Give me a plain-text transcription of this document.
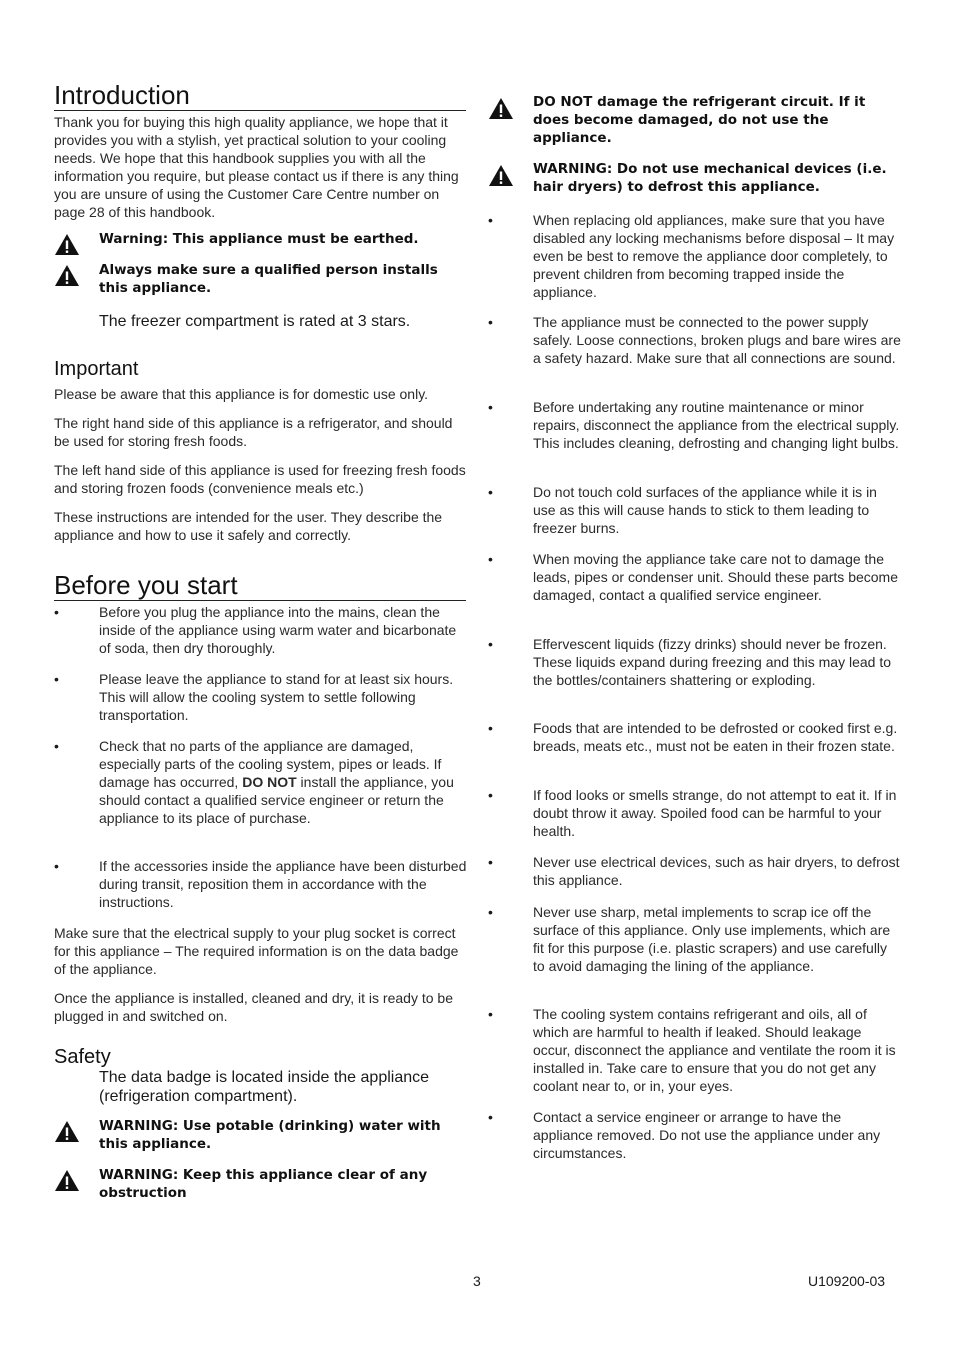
Introduction

Thank you for buying this high quality appliance, we hope that it provides you with a stylish, yet practical solution to your cooling needs. We hope that this handbook supplies you with all the information you require, but please contact us if there is any thing you are unsure of using the Customer Care Centre number on page 28 of this handbook.

Warning: This appliance must be earthed.

Always make sure a qualified person installs this appliance.

The freezer compartment is rated at 3 stars.

Important

Please be aware that this appliance is for domestic use only.

The right hand side of this appliance is a refrigerator, and should be used for storing fresh foods.

The left hand side of this appliance is used for freezing fresh foods and storing frozen foods (convenience meals etc.)

These instructions are intended for the user. They describe the appliance and how to use it safely and correctly.

Before you start
•	Before you plug the appliance into the mains, clean the inside of the appliance using warm water and bicarbonate of soda, then dry thoroughly.

•	Please leave the appliance to stand for at least six hours. This will allow the cooling system to settle following transportation.

•	Check that no parts of the appliance are damaged, especially parts of the cooling system, pipes or leads. If damage has occurred, DO NOT install the appliance, you should contact a qualified service engineer or return the appliance to its place of purchase.

•	If the accessories inside the appliance have been disturbed during transit, reposition them in accordance with the instructions.

Make sure that the electrical supply to your plug socket is correct for this appliance – The required information is on the data badge of the appliance.

Once the appliance is installed, cleaned and dry, it is ready to be plugged in and switched on.

Safety

The data badge is located inside the appliance (refrigeration compartment).

WARNING: Use potable (drinking) water with this appliance.

WARNING: Keep this appliance clear of any obstruction

DO NOT damage the refrigerant circuit. If it does become damaged, do not use the appliance.

WARNING: Do not use mechanical devices (i.e. hair dryers) to defrost this appliance.

•	When replacing old appliances, make sure that you have disabled any locking mechanisms before disposal – It may even be best to remove the appliance door completely, to prevent children from becoming trapped inside the appliance.

•	The appliance must be connected to the power supply safely. Loose connections, broken plugs and bare wires are a safety hazard. Make sure that all connections are sound.

•	Before undertaking any routine maintenance or minor repairs, disconnect the appliance from the electrical supply. This includes cleaning, defrosting and changing light bulbs.

•	Do not touch cold surfaces of the appliance while it is in use as this will cause hands to stick to them leading to freezer burns.

•	When moving the appliance take care not to damage the leads, pipes or condenser unit. Should these parts become damaged, contact a qualified service engineer.

•	Effervescent liquids (fizzy drinks) should never be frozen. These liquids expand during freezing and this may lead to the bottles/containers shattering or exploding.

•	Foods that are intended to be defrosted or cooked first e.g. breads, meats etc., must not be eaten in their frozen state.

•	If food looks or smells strange, do not attempt to eat it. If in doubt throw it away. Spoiled food can be harmful to your health.

•	Never use electrical devices, such as hair dryers, to defrost this appliance.

•	Never use sharp, metal implements to scrap ice off the surface of this appliance. Only use implements, which are fit for this purpose (i.e. plastic scrapers) and use carefully to avoid damaging the lining of the appliance.

•	The cooling system contains refrigerant and oils, all of which are harmful to health if leaked. Should leakage occur, disconnect the appliance and ventilate the room it is installed in. Take care to ensure that you do not get any coolant near to, or in, your eyes.

•	Contact a service engineer or arrange to have the appliance removed. Do not use the appliance under any circumstances.

3	U109200-03
